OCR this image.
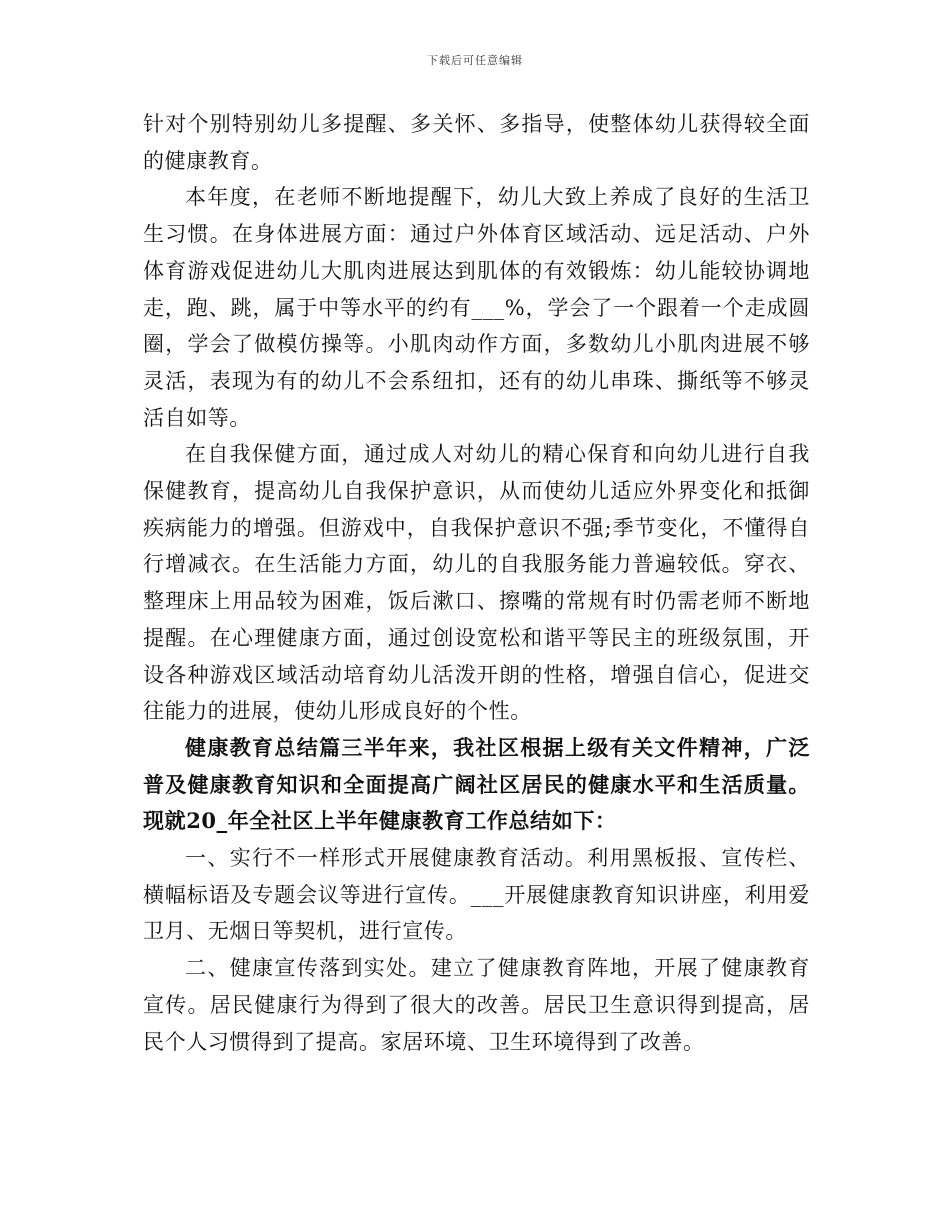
下载后可任意编辑

针对个别特别幼儿多提醒、多关怀、多指导，使整体幼儿获得较全面的健康教育。

本年度，在老师不断地提醒下，幼儿大致上养成了良好的生活卫生习惯。在身体进展方面：通过户外体育区域活动、远足活动、户外体育游戏促进幼儿大肌肉进展达到肌体的有效锻炼：幼儿能较协调地走，跑、跳，属于中等水平的约有___%，学会了一个跟着一个走成圆圈，学会了做模仿操等。小肌肉动作方面，多数幼儿小肌肉进展不够灵活，表现为有的幼儿不会系纽扣，还有的幼儿串珠、撕纸等不够灵活自如等。

在自我保健方面，通过成人对幼儿的精心保育和向幼儿进行自我保健教育，提高幼儿自我保护意识，从而使幼儿适应外界变化和抵御疾病能力的增强。但游戏中，自我保护意识不强;季节变化，不懂得自行增减衣。在生活能力方面，幼儿的自我服务能力普遍较低。穿衣、整理床上用品较为困难，饭后漱口、擦嘴的常规有时仍需老师不断地提醒。在心理健康方面，通过创设宽松和谐平等民主的班级氛围，开设各种游戏区域活动培育幼儿活泼开朗的性格，增强自信心，促进交往能力的进展，使幼儿形成良好的个性。

健康教育总结篇三半年来，我社区根据上级有关文件精神，广泛普及健康教育知识和全面提高广阔社区居民的健康水平和生活质量。现就20_年全社区上半年健康教育工作总结如下：

一、实行不一样形式开展健康教育活动。利用黑板报、宣传栏、横幅标语及专题会议等进行宣传。___开展健康教育知识讲座，利用爱卫月、无烟日等契机，进行宣传。

二、健康宣传落到实处。建立了健康教育阵地，开展了健康教育宣传。居民健康行为得到了很大的改善。居民卫生意识得到提高，居民个人习惯得到了提高。家居环境、卫生环境得到了改善。
